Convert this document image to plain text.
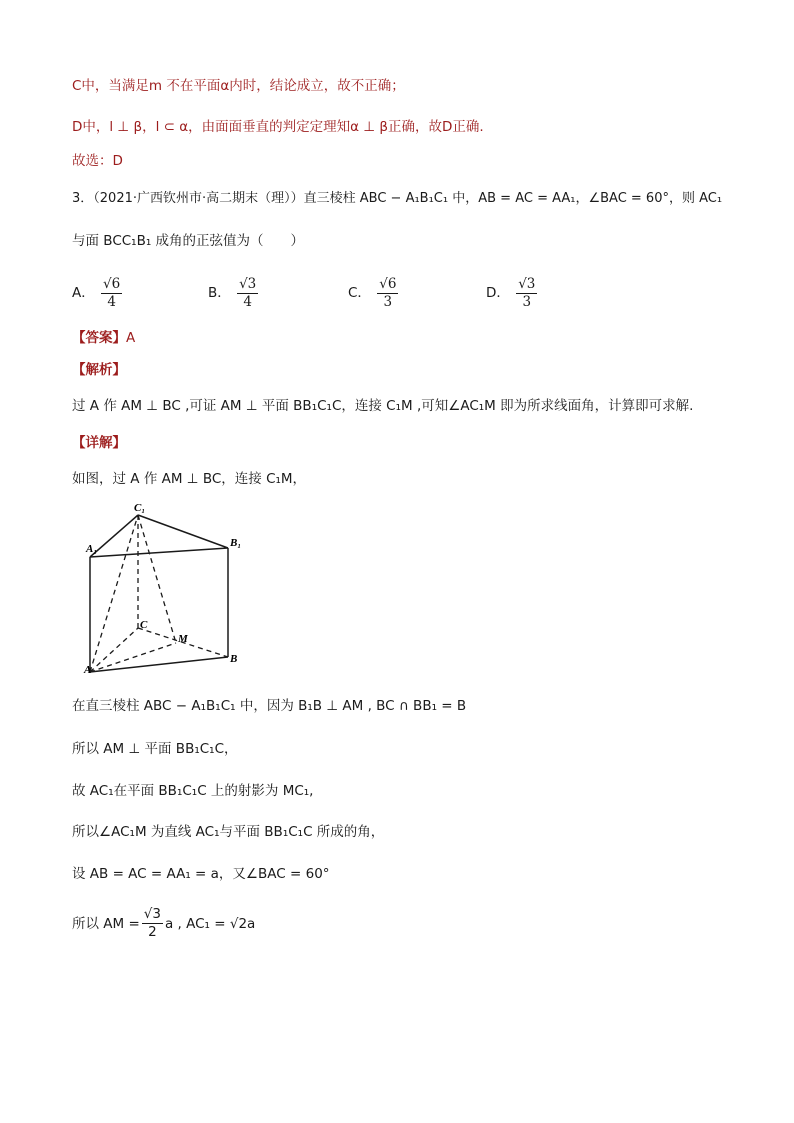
C中，当满足m 不在平面α内时，结论成立，故不正确；
D中，l ⊥ β，l ⊂ α，由面面垂直的判定定理知α ⊥ β正确，故D正确.
故选：D
3．（2021·广西钦州市·高二期末（理））直三棱柱 ABC − A₁B₁C₁ 中，AB = AC = AA₁，∠BAC = 60°，则 AC₁
与面 BCC₁B₁ 成角的正弦值为（　　）
A． $\frac{√6}{4}$	B． $\frac{√3}{4}$	C． $\frac{√6}{3}$	D． $\frac{√3}{3}$
【答案】A
【解析】
过 A 作 AM ⊥ BC ,可证 AM ⊥ 平面 BB₁C₁C，连接 C₁M ,可知∠AC₁M 即为所求线面角，计算即可求解.
【详解】
如图，过 A 作 AM ⊥ BC，连接 C₁M，
C₁
A₁	B₁
C
M
A
B
在直三棱柱 ABC − A₁B₁C₁ 中，因为 B₁B ⊥ AM , BC ∩ BB₁ = B
所以 AM ⊥ 平面 BB₁C₁C，
故 AC₁在平面 BB₁C₁C 上的射影为 MC₁,
所以∠AC₁M 为直线 AC₁与平面 BB₁C₁C 所成的角，
设 AB = AC = AA₁ = a，又∠BAC = 60°
所以 AM = $\frac{√3}{2}$ a , AC₁ = √2a
